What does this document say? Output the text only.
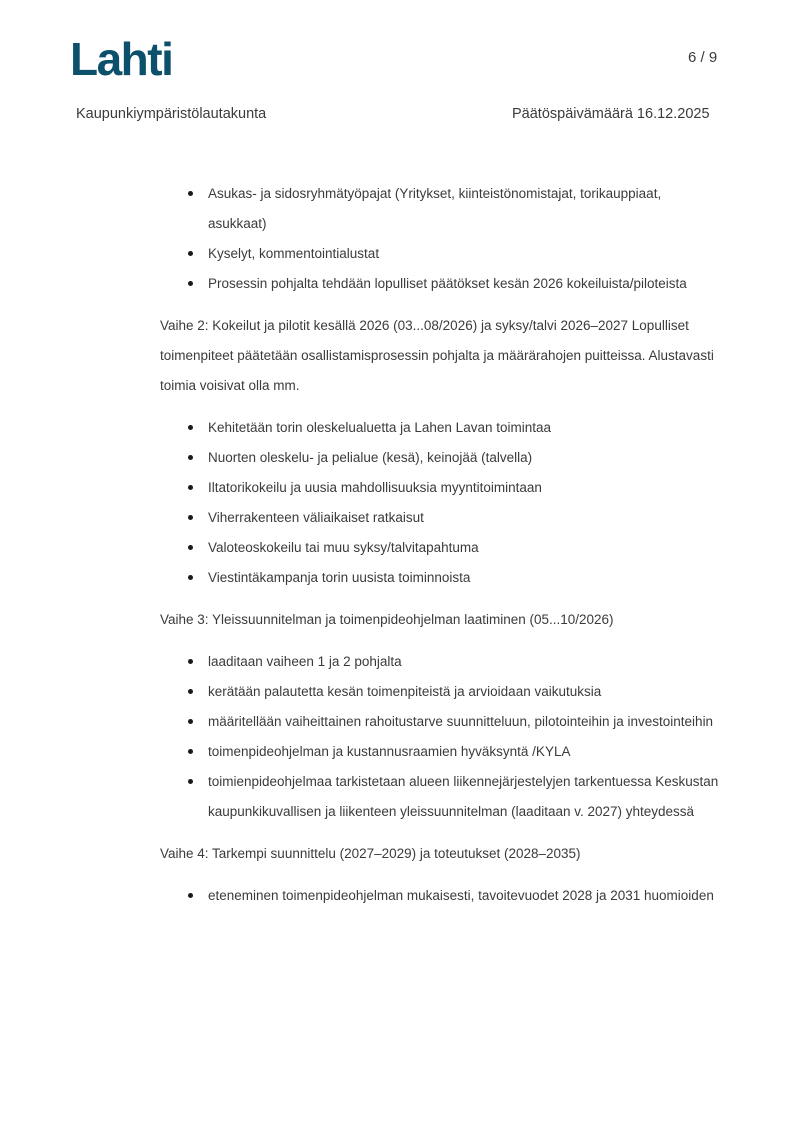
Lahti	6 / 9
Kaupunkiympäristölautakunta	Päätöspäivämäärä 16.12.2025
Asukas- ja sidosryhmätyöpajat (Yritykset, kiinteistönomistajat, torikauppiaat, asukkaat)
Kyselyt, kommentointialustat
Prosessin pohjalta tehdään lopulliset päätökset kesän 2026 kokeiluista/piloteista

Vaihe 2: Kokeilut ja pilotit kesällä 2026 (03...08/2026) ja syksy/talvi 2026–2027 Lopulliset toimenpiteet päätetään osallistamisprosessin pohjalta ja määrärahojen puitteissa. Alustavasti toimia voisivat olla mm.

Kehitetään torin oleskelualuetta ja Lahen Lavan toimintaa
Nuorten oleskelu- ja pelialue (kesä), keinojää (talvella)
Iltatorikokeilu ja uusia mahdollisuuksia myyntitoimintaan
Viherrakenteen väliaikaiset ratkaisut
Valoteoskokeilu tai muu syksy/talvitapahtuma
Viestintäkampanja torin uusista toiminnoista

Vaihe 3: Yleissuunnitelman ja toimenpideohjelman laatiminen (05...10/2026)

laaditaan vaiheen 1 ja 2 pohjalta
kerätään palautetta kesän toimenpiteistä ja arvioidaan vaikutuksia
määritellään vaiheittainen rahoitustarve suunnitteluun, pilotointeihin ja investointeihin
toimenpideohjelman ja kustannusraamien hyväksyntä /KYLA
toimienpideohjelmaa tarkistetaan alueen liikennejärjestelyjen tarkentuessa Keskustan kaupunkikuvallisen ja liikenteen yleissuunnitelman (laaditaan v. 2027) yhteydessä

Vaihe 4: Tarkempi suunnittelu (2027–2029) ja toteutukset (2028–2035)

eteneminen toimenpideohjelman mukaisesti, tavoitevuodet 2028 ja 2031 huomioiden
